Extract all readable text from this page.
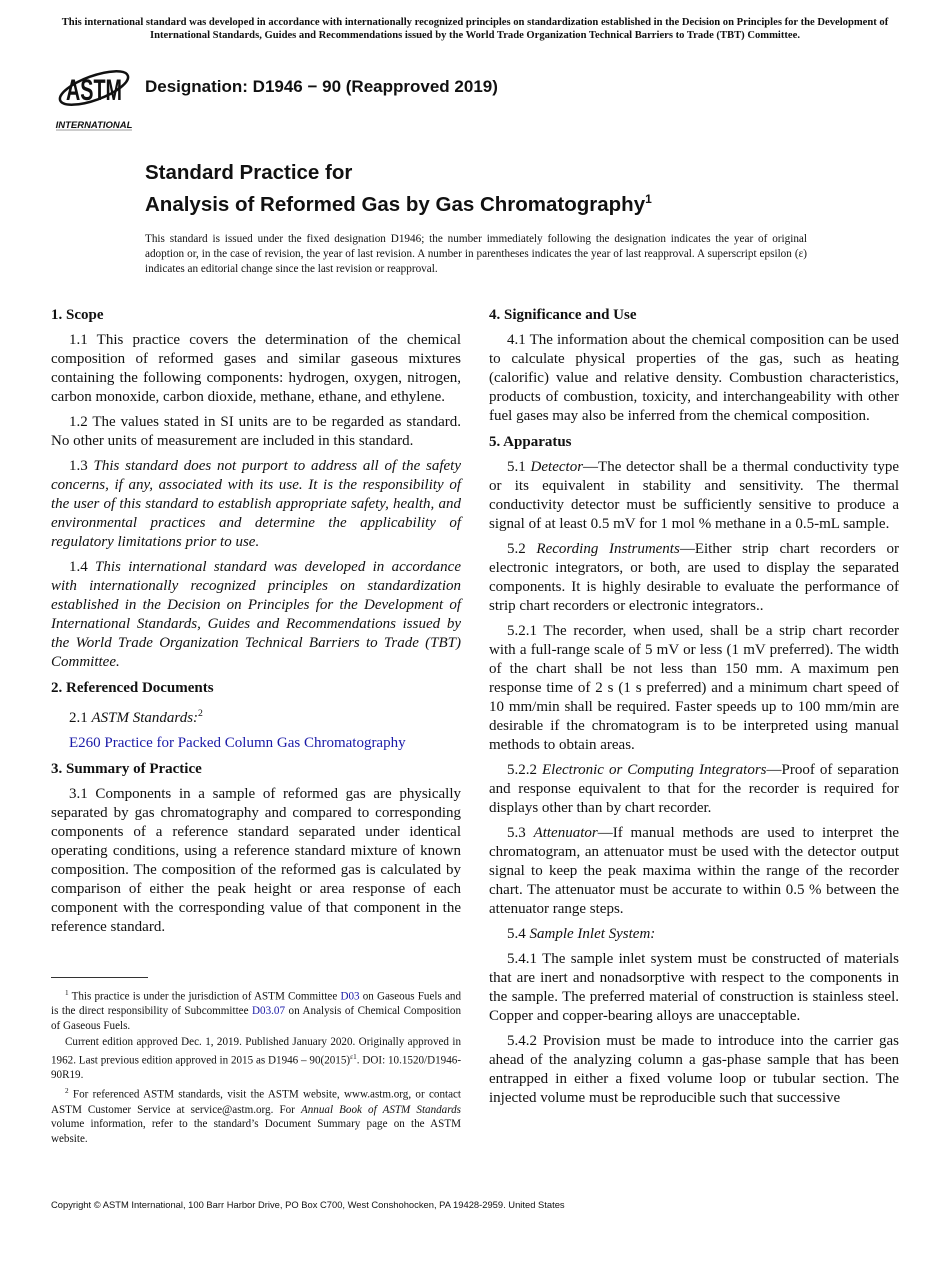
This international standard was developed in accordance with internationally recognized principles on standardization established in the Decision on Principles for the Development of International Standards, Guides and Recommendations issued by the World Trade Organization Technical Barriers to Trade (TBT) Committee.
ASTM
INTERNATIONAL
Designation: D1946 − 90 (Reapproved 2019)
Standard Practice for
Analysis of Reformed Gas by Gas Chromatography$^1$
This standard is issued under the fixed designation D1946; the number immediately following the designation indicates the year of original adoption or, in the case of revision, the year of last revision. A number in parentheses indicates the year of last reapproval. A superscript epsilon (ε) indicates an editorial change since the last revision or reapproval.
1. Scope

1.1 This practice covers the determination of the chemical composition of reformed gases and similar gaseous mixtures containing the following components: hydrogen, oxygen, nitrogen, carbon monoxide, carbon dioxide, methane, ethane, and ethylene.

1.2 The values stated in SI units are to be regarded as standard. No other units of measurement are included in this standard.

1.3 This standard does not purport to address all of the safety concerns, if any, associated with its use. It is the responsibility of the user of this standard to establish appropriate safety, health, and environmental practices and determine the applicability of regulatory limitations prior to use.

1.4 This international standard was developed in accordance with internationally recognized principles on standardization established in the Decision on Principles for the Development of International Standards, Guides and Recommendations issued by the World Trade Organization Technical Barriers to Trade (TBT) Committee.

2. Referenced Documents

2.1 ASTM Standards:$^2$

E260 Practice for Packed Column Gas Chromatography

3. Summary of Practice

3.1 Components in a sample of reformed gas are physically separated by gas chromatography and compared to corresponding components of a reference standard separated under identical operating conditions, using a reference standard mixture of known composition. The composition of the reformed gas is calculated by comparison of either the peak height or area response of each component with the corresponding value of that component in the reference standard.

4. Significance and Use

4.1 The information about the chemical composition can be used to calculate physical properties of the gas, such as heating (calorific) value and relative density. Combustion characteristics, products of combustion, toxicity, and interchangeability with other fuel gases may also be inferred from the chemical composition.

5. Apparatus

5.1 Detector—The detector shall be a thermal conductivity type or its equivalent in stability and sensitivity. The thermal conductivity detector must be sufficiently sensitive to produce a signal of at least 0.5 mV for 1 mol % methane in a 0.5-mL sample.

5.2 Recording Instruments—Either strip chart recorders or electronic integrators, or both, are used to display the separated components. It is highly desirable to evaluate the performance of strip chart recorders or electronic integrators..

5.2.1 The recorder, when used, shall be a strip chart recorder with a full-range scale of 5 mV or less (1 mV preferred). The width of the chart shall be not less than 150 mm. A maximum pen response time of 2 s (1 s preferred) and a minimum chart speed of 10 mm/min shall be required. Faster speeds up to 100 mm/min are desirable if the chromatogram is to be interpreted using manual methods to obtain areas.

5.2.2 Electronic or Computing Integrators—Proof of separation and response equivalent to that for the recorder is required for displays other than by chart recorder.

5.3 Attenuator—If manual methods are used to interpret the chromatogram, an attenuator must be used with the detector output signal to keep the peak maxima within the range of the recorder chart. The attenuator must be accurate to within 0.5 % between the attenuator range steps.

5.4 Sample Inlet System:

5.4.1 The sample inlet system must be constructed of materials that are inert and nonadsorptive with respect to the components in the sample. The preferred material of construction is stainless steel. Copper and copper-bearing alloys are unacceptable.

5.4.2 Provision must be made to introduce into the carrier gas ahead of the analyzing column a gas-phase sample that has been entrapped in either a fixed volume loop or tubular section. The injected volume must be reproducible such that successive

$^1$ This practice is under the jurisdiction of ASTM Committee D03 on Gaseous Fuels and is the direct responsibility of Subcommittee D03.07 on Analysis of Chemical Composition of Gaseous Fuels.

Current edition approved Dec. 1, 2019. Published January 2020. Originally approved in 1962. Last previous edition approved in 2015 as $D1946 - 90(2015)^{\varepsilon 1}$. DOI: 10.1520/D1946-90R19.

$^2$ For referenced ASTM standards, visit the ASTM website, www.astm.org, or contact ASTM Customer Service at service@astm.org. For Annual Book of ASTM Standards volume information, refer to the standard’s Document Summary page on the ASTM website.

Copyright © ASTM International, 100 Barr Harbor Drive, PO Box C700, West Conshohocken, PA 19428-2959. United States
